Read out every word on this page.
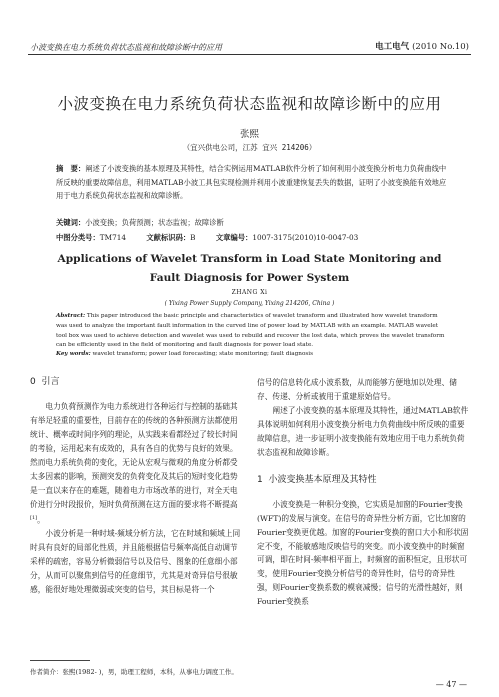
小波变换在电力系统负荷状态监视和故障诊断中的应用	电工电气 (2010 No.10)
小波变换在电力系统负荷状态监视和故障诊断中的应用
张熙
（宜兴供电公司，江苏 宜兴 214206）
摘　要：阐述了小波变换的基本原理及其特性，结合实例运用MATLAB软件分析了如何利用小波变换分析电力负荷曲线中所反映的重要故障信息，利用MATLAB小波工具包实现检测并利用小波重建恢复丢失的数据，证明了小波变换能有效地应用于电力系统负荷状态监视和故障诊断。
关键词：小波变换；负荷预测；状态监视；故障诊断
中图分类号：TM714	文献标识码：B	文章编号：1007-3175(2010)10-0047-03
Applications of Wavelet Transform in Load State Monitoring and
Fault Diagnosis for Power System
ZHANG Xi
( Yixing Power Supply Company, Yixing 214206, China )
Abstract: This paper introduced the basic principle and characteristics of wavelet transform and illustrated how wavelet transform was used to analyze the important fault information in the curved line of power load by MATLAB with an example. MATLAB wavelet tool box was used to achieve detection and wavelet was used to rebuild and recover the lost data, which proves the wavelet transform can be efficiently used in the field of monitoring and fault diagnosis for power load state.
Key words: wavelet transform; power load forecasting; state monitoring; fault diagnosis
0 引言

电力负荷预测作为电力系统进行各种运行与控制的基础其有举足轻重的重要性，目前存在的传统的各种预测方法都使用统计、概率或时间序列的理论，从实践来看都经过了较长时间的考验，运用起来有成效的，具有各自的优势与良好的效果。然而电力系统负荷的变化，无论从宏观与微观的角度分析都受太多因素的影响，预测突发的负荷变化及其后的短时变化趋势是一直以来存在的难题，随着电力市场改革的进行，对全天电价进行分时段报价，短时负荷预测在这方面的要求将不断提高[1]。

小波分析是一种时域-频域分析方法，它在时域和频域上同时具有良好的局部化性质，并且能根据信号频率高低自动调节采样的疏密，容易分析微弱信号以及信号、图象的任意细小部分，从而可以聚焦到信号的任意细节，尤其是对奇异信号很敏感，能很好地处理微弱或突变的信号，其目标是将一个

信号的信息转化成小波系数，从而能够方便地加以处理、储存、传递、分析或被用于重建原始信号。

阐述了小波变换的基本原理及其特性，通过MATLAB软件具体说明如何利用小波变换分析电力负荷曲线中所反映的重要故障信息，进一步证明小波变换能有效地应用于电力系统负荷状态监视和故障诊断。

1 小波变换基本原理及其特性

小波变换是一种积分变换，它实质是加窗的Fourier变换(WFT)的发展与演变。在信号的奇异性分析方面，它比加窗的Fourier变换更优越。加窗的Fourier变换的窗口大小和形状固定不变，不能敏感地反映信号的突变。而小波变换中的时频窗可调，即在时间-频率相平面上，时频窗的面积恒定，且形状可变，使用Fourier变换分析信号的奇异性时，信号的奇异性强，则Fourier变换系数的模衰减慢；信号的光滑性越好，则Fourier变换系

作者简介：张熙(1982- )，男，助理工程师，本科，从事电力调度工作。
— 47 —
